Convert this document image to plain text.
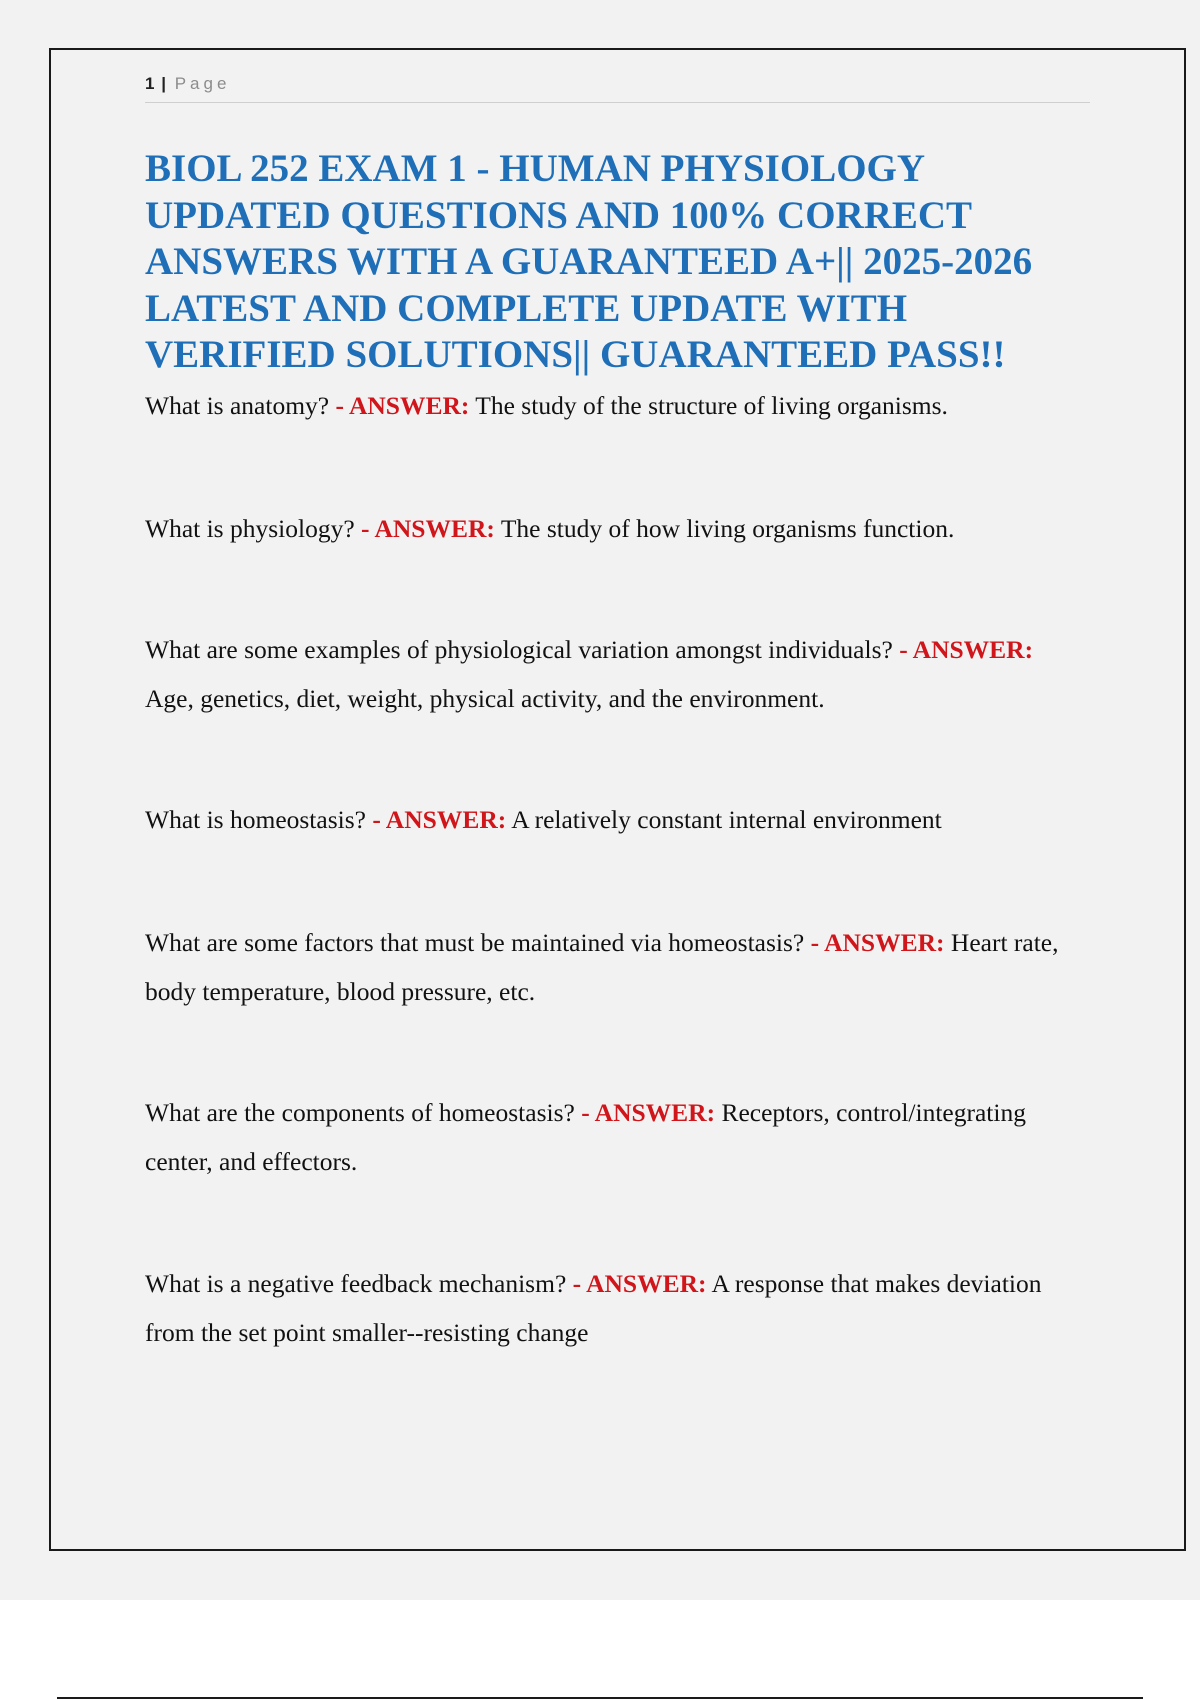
1 | Page
BIOL 252 EXAM 1 - HUMAN PHYSIOLOGY UPDATED QUESTIONS AND 100% CORRECT ANSWERS WITH A GUARANTEED A+|| 2025-2026 LATEST AND COMPLETE UPDATE WITH VERIFIED SOLUTIONS|| GUARANTEED PASS!!

What is anatomy? - ANSWER: The study of the structure of living organisms.

What is physiology? - ANSWER: The study of how living organisms function.

What are some examples of physiological variation amongst individuals? - ANSWER: Age, genetics, diet, weight, physical activity, and the environment.

What is homeostasis? - ANSWER: A relatively constant internal environment

What are some factors that must be maintained via homeostasis? - ANSWER: Heart rate, body temperature, blood pressure, etc.

What are the components of homeostasis? - ANSWER: Receptors, control/integrating center, and effectors.

What is a negative feedback mechanism? - ANSWER: A response that makes deviation from the set point smaller--resisting change
